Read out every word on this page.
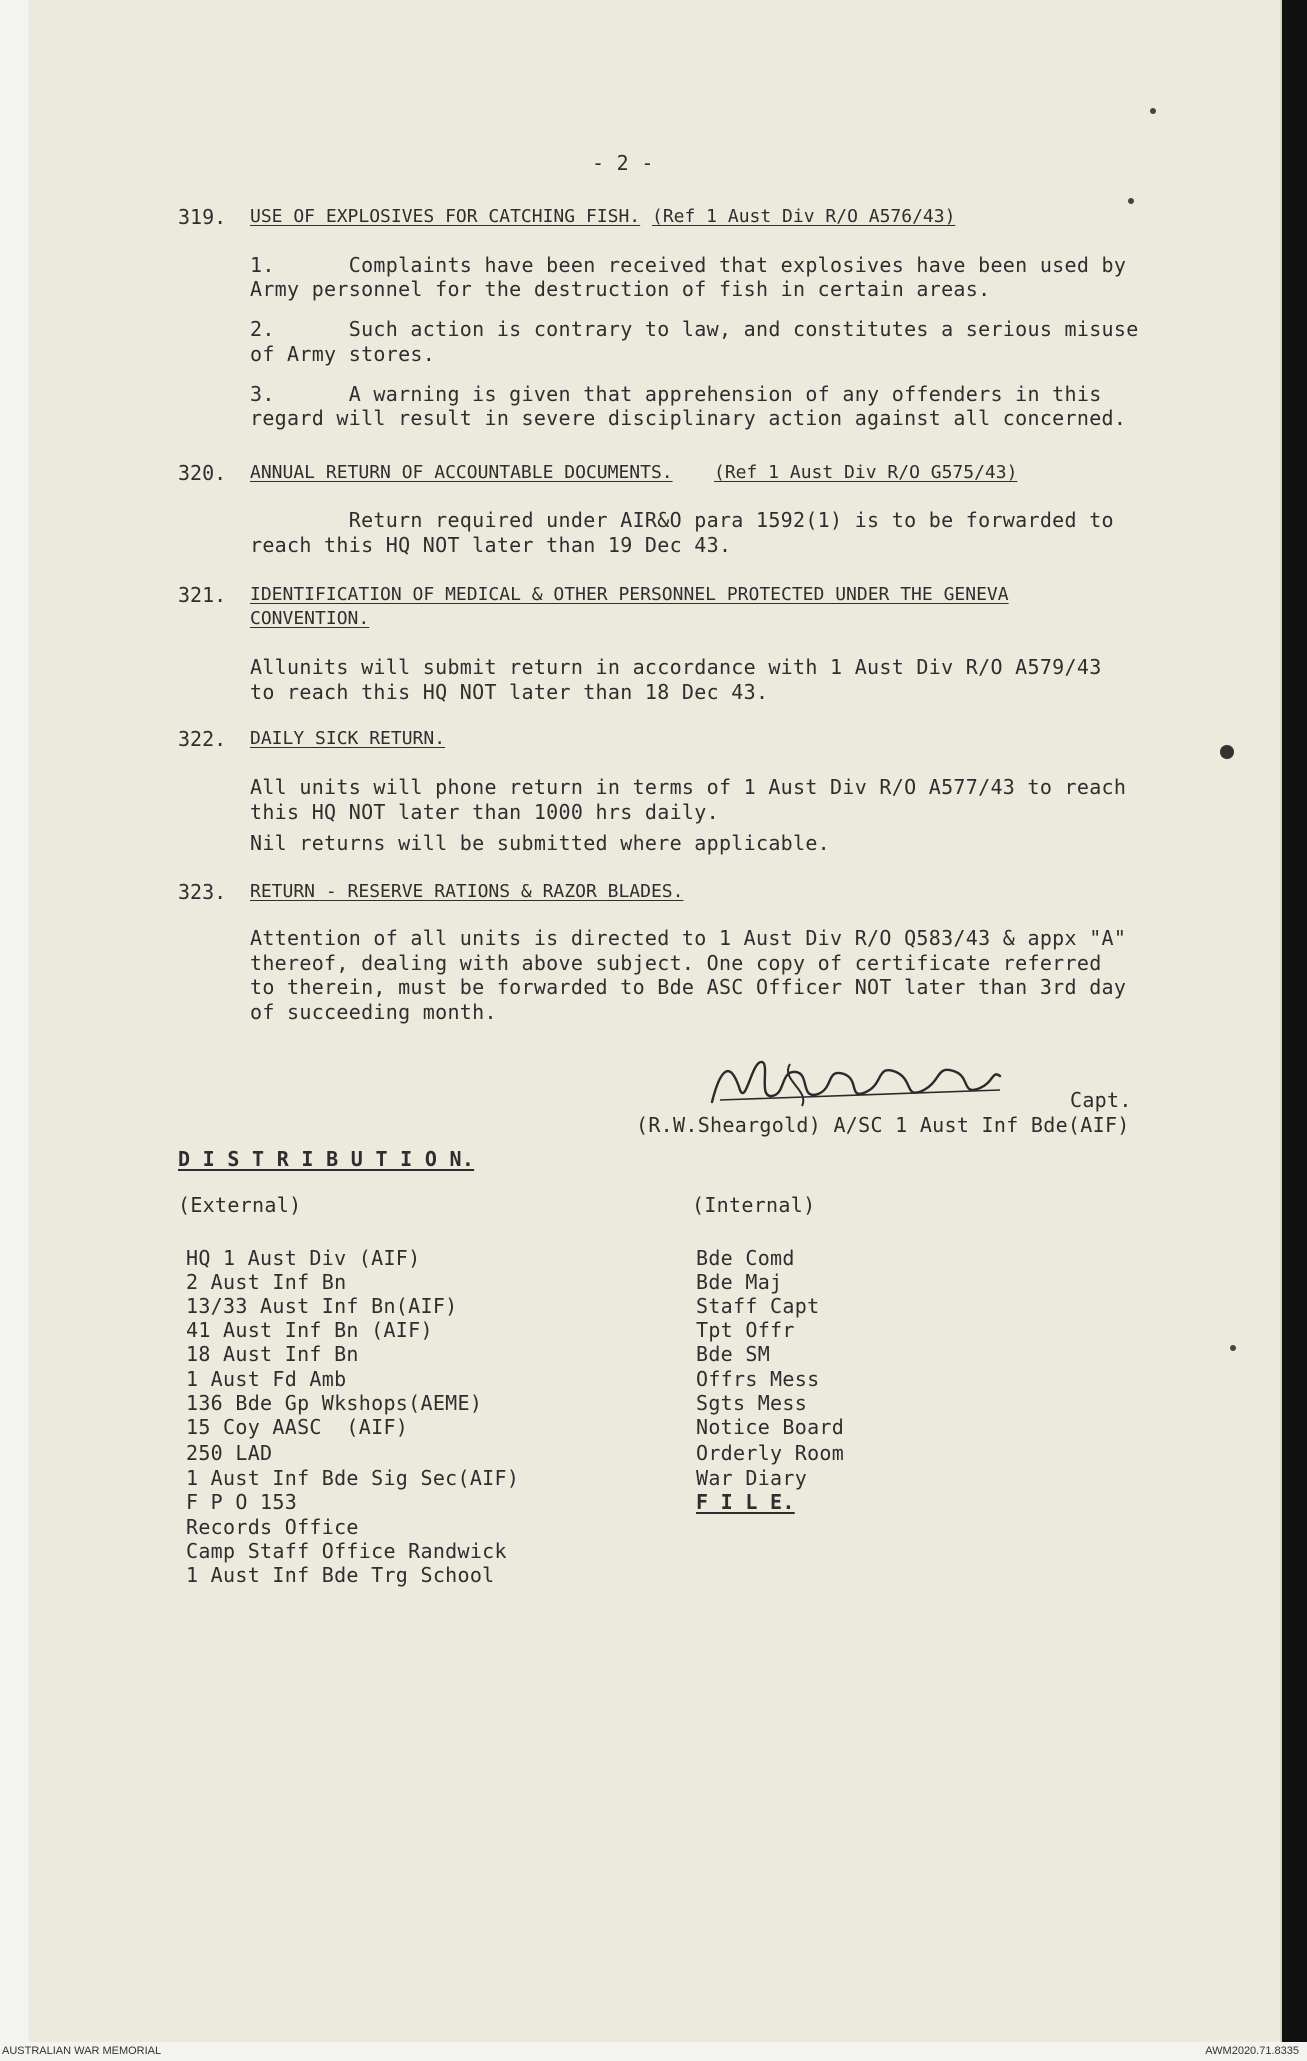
- 2 -
319. USE OF EXPLOSIVES FOR CATCHING FISH. (Ref 1 Aust Div R/O A576/43)
1.      Complaints have been received that explosives have been used by
Army personnel for the destruction of fish in certain areas.
2.      Such action is contrary to law, and constitutes a serious misuse
of Army stores.
3.      A warning is given that apprehension of any offenders in this
regard will result in severe disciplinary action against all concerned.
320. ANNUAL RETURN OF ACCOUNTABLE DOCUMENTS. (Ref 1 Aust Div R/O G575/43)
Return required under AIR&O para 1592(1) is to be forwarded to
reach this HQ NOT later than 19 Dec 43.
321. IDENTIFICATION OF MEDICAL & OTHER PERSONNEL PROTECTED UNDER THE GENEVA
CONVENTION.
Allunits will submit return in accordance with 1 Aust Div R/O A579/43
to reach this HQ NOT later than 18 Dec 43.
322. DAILY SICK RETURN.
All units will phone return in terms of 1 Aust Div R/O A577/43 to reach
this HQ NOT later than 1000 hrs daily.
Nil returns will be submitted where applicable.
323. RETURN - RESERVE RATIONS & RAZOR BLADES.
Attention of all units is directed to 1 Aust Div R/O Q583/43 & appx "A"
thereof, dealing with above subject. One copy of certificate referred
to therein, must be forwarded to Bde ASC Officer NOT later than 3rd day
of succeeding month.
Capt.
(R.W.Sheargold) A/SC 1 Aust Inf Bde(AIF)
D I S T R I B U T I O N.
(External)	(Internal)
HQ 1 Aust Div (AIF)
2 Aust Inf Bn
13/33 Aust Inf Bn(AIF)
41 Aust Inf Bn (AIF)
18 Aust Inf Bn
1 Aust Fd Amb
136 Bde Gp Wkshops(AEME)
15 Coy AASC  (AIF)
250 LAD
1 Aust Inf Bde Sig Sec(AIF)
F P O 153
Records Office
Camp Staff Office Randwick
1 Aust Inf Bde Trg School
Bde Comd
Bde Maj
Staff Capt
Tpt Offr
Bde SM
Offrs Mess
Sgts Mess
Notice Board
Orderly Room
War Diary
F I L E.
AUSTRALIAN WAR MEMORIAL	AWM2020.71.8335
